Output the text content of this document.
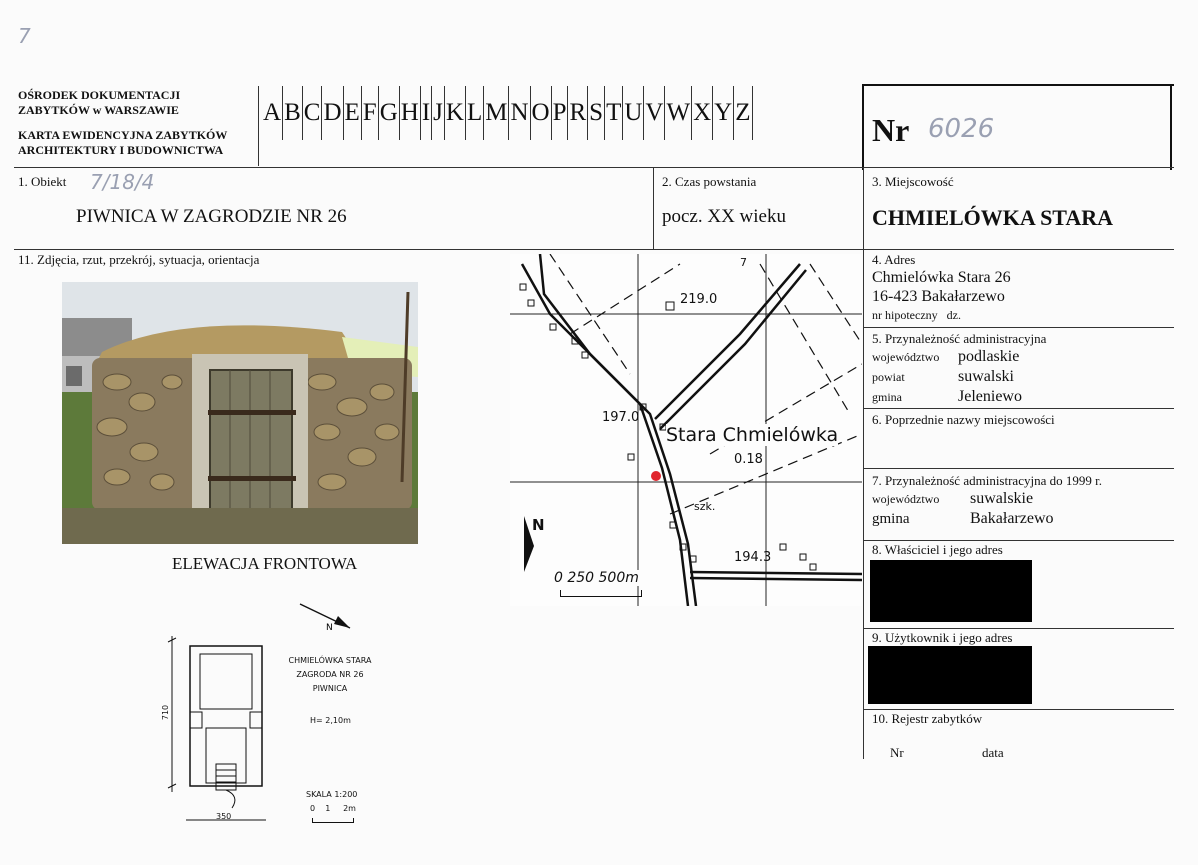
7
OŚRODEK DOKUMENTACJI
ZABYTKÓW w WARSZAWIE
KARTA EWIDENCYJNA ZABYTKÓW
ARCHITEKTURY I BUDOWNICTWA
A B C D E F G H I J K L M N O P R S T U V W X Y Z	Nr 6026
1. Obiekt 7/18/4
PIWNICA W ZAGRODZIE NR 26
2. Czas powstania
pocz. XX wieku
3. Miejscowość
CHMIELÓWKA STARA
11. Zdjęcia, rzut, przekrój, sytuacja, orientacja
ELEWACJA FRONTOWA
219.0
197.0
194.3
Stara Chmielówka
0.18
szk.
N
7
0 250 500m
N
710
350
CHMIELÓWKA STARA
ZAGRODA NR 26
PIWNICA
H= 2,10m
SKALA 1:200
0    1     2m
4. Adres
Chmielówka Stara 26
16-423 Bakałarzewo
nr hipoteczny dz.
5. Przynależność administracyjna
województwo	podlaskie
powiat	suwalski
gmina	Jeleniewo
6. Poprzednie nazwy miejscowości
7. Przynależność administracyjna do 1999 r.
województwo	suwalskie
gmina	Bakałarzewo
8. Właściciel i jego adres
9. Użytkownik i jego adres
10. Rejestr zabytków
Nr	data
